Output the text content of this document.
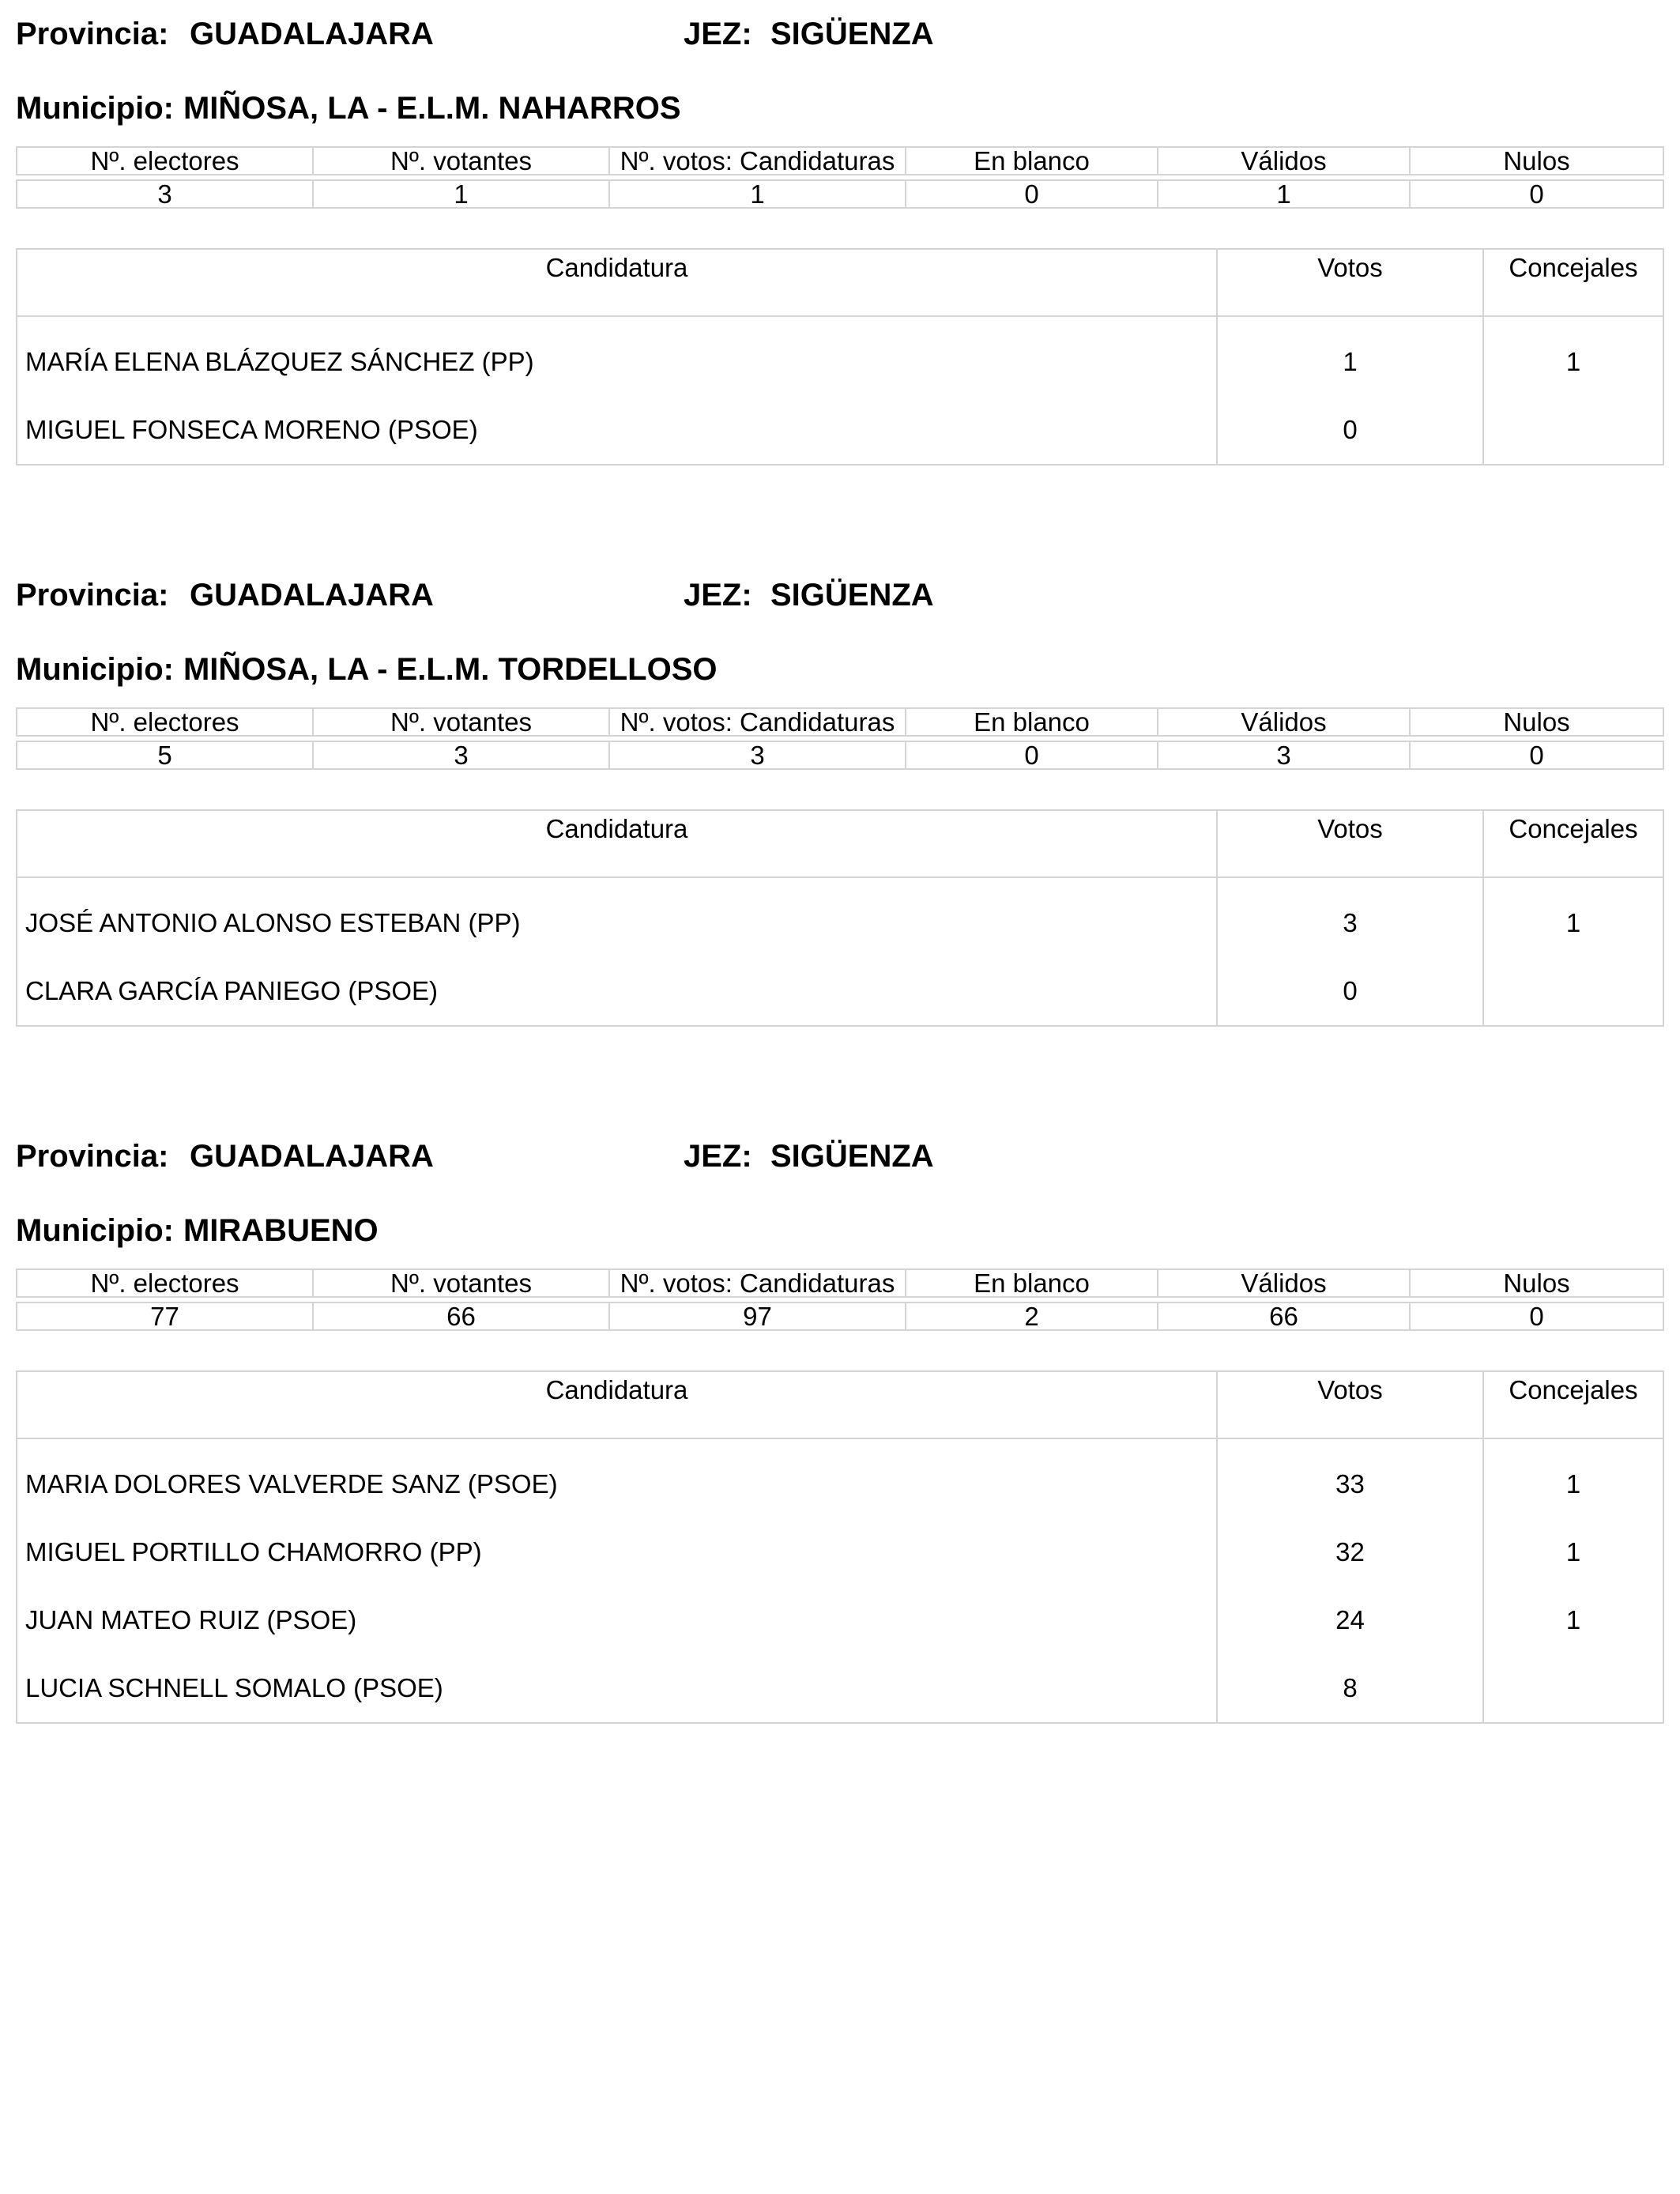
Provincia: GUADALAJARA	JEZ: SIGÜENZA
Municipio: MIÑOSA, LA - E.L.M. NAHARROS
Nº. electores	Nº. votantes	Nº. votos: Candidaturas	En blanco	Válidos	Nulos

3	1	1	0	1	0
Candidatura	Votos	Concejales
MARÍA ELENA BLÁZQUEZ SÁNCHEZ (PP)	1	1
MIGUEL FONSECA MORENO (PSOE)	0	
Provincia: GUADALAJARA	JEZ: SIGÜENZA
Municipio: MIÑOSA, LA - E.L.M. TORDELLOSO
Nº. electores	Nº. votantes	Nº. votos: Candidaturas	En blanco	Válidos	Nulos

5	3	3	0	3	0
Candidatura	Votos	Concejales
JOSÉ ANTONIO ALONSO ESTEBAN (PP)	3	1
CLARA GARCÍA PANIEGO (PSOE)	0	
Provincia: GUADALAJARA	JEZ: SIGÜENZA
Municipio: MIRABUENO
Nº. electores	Nº. votantes	Nº. votos: Candidaturas	En blanco	Válidos	Nulos

77	66	97	2	66	0
Candidatura	Votos	Concejales
MARIA DOLORES VALVERDE SANZ (PSOE)	33	1
MIGUEL PORTILLO CHAMORRO (PP)	32	1
JUAN MATEO RUIZ (PSOE)	24	1
LUCIA SCHNELL SOMALO (PSOE)	8	
